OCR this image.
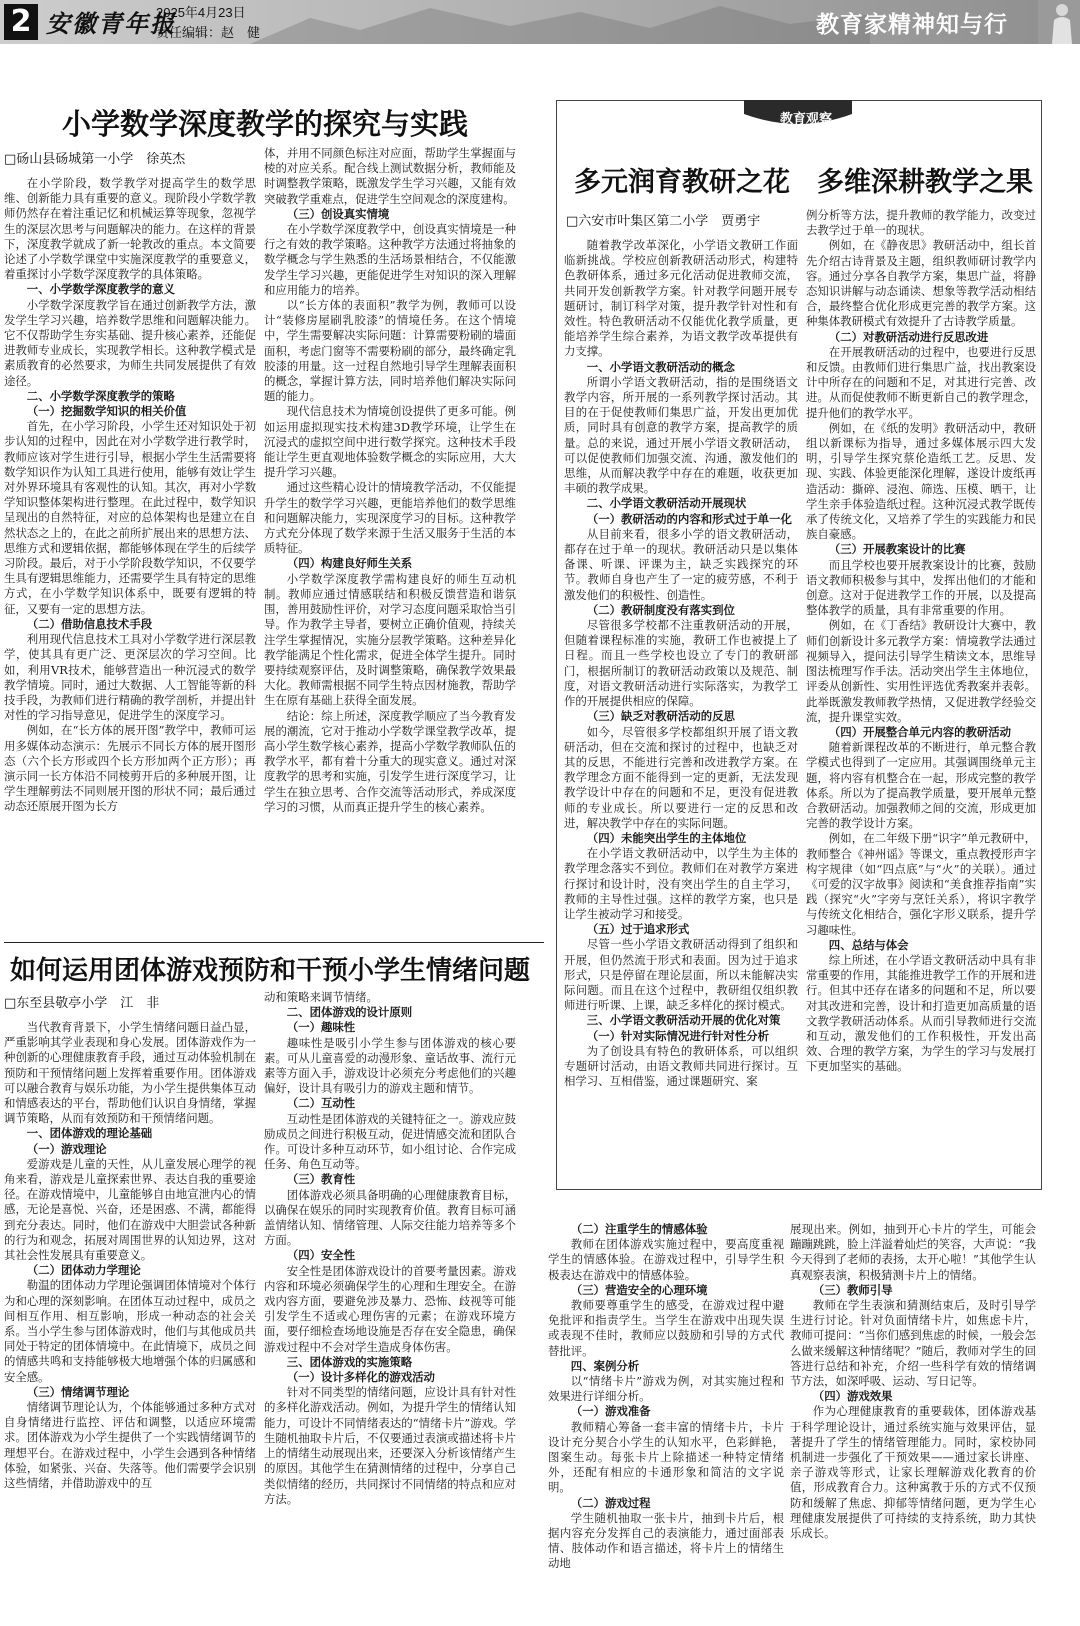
2 安徽青年报
2025年4月23日
责任编辑：赵　健	教育家精神知与行
小学数学深度教学的探究与实践
□砀山县砀城第一小学　徐英杰

在小学阶段，数学教学对提高学生的数学思维、创新能力具有重要的意义。现阶段小学数学教师仍然存在着注重记忆和机械运算等现象，忽视学生的深层次思考与问题解决的能力。在这样的背景下，深度教学就成了新一轮教改的重点。本文简要论述了小学数学课堂中实施深度教学的重要意义，着重探讨小学数学深度教学的具体策略。

一、小学数学深度教学的意义

小学数学深度教学旨在通过创新教学方法，激发学生学习兴趣，培养数学思维和问题解决能力。它不仅帮助学生夯实基础、提升核心素养，还能促进教师专业成长，实现教学相长。这种教学模式是素质教育的必然要求，为师生共同发展提供了有效途径。

二、小学数学深度教学的策略
（一）挖掘数学知识的相关价值

首先，在小学习阶段，小学生还对知识处于初步认知的过程中，因此在对小学数学进行教学时，教师应该对学生进行引导，根据小学生生活需要将数学知识作为认知工具进行使用，能够有效让学生对外界环境具有客观性的认知。其次，再对小学数学知识整体架构进行整理。在此过程中，数学知识呈现出的自然特征，对应的总体架构也是建立在自然状态之上的，在此之前所扩展出来的思想方法、思维方式和逻辑依据，都能够体现在学生的后续学习阶段。最后，对于小学阶段数学知识，不仅要学生具有逻辑思维能力，还需要学生具有特定的思维方式，在小学数学知识体系中，既要有逻辑的特征，又要有一定的思想方法。

（二）借助信息技术手段

利用现代信息技术工具对小学数学进行深层教学，使其具有更广泛、更深层次的学习空间。比如，利用VR技术，能够营造出一种沉浸式的数学教学情境。同时，通过大数据、人工智能等新的科技手段，为教师们进行精确的教学剖析，并提出针对性的学习指导意见，促进学生的深度学习。

例如，在“长方体的展开图”教学中，教师可运用多媒体动态演示：先展示不同长方体的展开图形态（六个长方形或四个长方形加两个正方形）；再演示同一长方体沿不同棱剪开后的多种展开图，让学生理解剪法不同则展开图的形状不同；最后通过动态还原展开图为长方

体，并用不同颜色标注对应面，帮助学生掌握面与棱的对应关系。配合线上测试数据分析，教师能及时调整教学策略，既激发学生学习兴趣，又能有效突破教学重难点，促进学生空间观念的深度建构。

（三）创设真实情境

在小学数学深度教学中，创设真实情境是一种行之有效的教学策略。这种教学方法通过将抽象的数学概念与学生熟悉的生活场景相结合，不仅能激发学生学习兴趣，更能促进学生对知识的深入理解和应用能力的培养。

以“长方体的表面积”教学为例，教师可以设计“装修房屋刷乳胶漆”的情境任务。在这个情境中，学生需要解决实际问题：计算需要粉刷的墙面面积，考虑门窗等不需要粉刷的部分，最终确定乳胶漆的用量。这一过程自然地引导学生理解表面积的概念，掌握计算方法，同时培养他们解决实际问题的能力。

现代信息技术为情境创设提供了更多可能。例如运用虚拟现实技术构建3D教学环境，让学生在沉浸式的虚拟空间中进行数学探究。这种技术手段能让学生更直观地体验数学概念的实际应用，大大提升学习兴趣。

通过这些精心设计的情境教学活动，不仅能提升学生的数学学习兴趣，更能培养他们的数学思维和问题解决能力，实现深度学习的目标。这种教学方式充分体现了数学来源于生活又服务于生活的本质特征。

（四）构建良好师生关系

小学数学深度教学需构建良好的师生互动机制。教师应通过情感联结和积极反馈营造和谐氛围，善用鼓励性评价，对学习态度问题采取恰当引导。作为教学主导者，要树立正确价值观，持续关注学生掌握情况，实施分层教学策略。这种差异化教学能满足个性化需求，促进全体学生提升。同时要持续观察评估，及时调整策略，确保教学效果最大化。教师需根据不同学生特点因材施教，帮助学生在原有基础上获得全面发展。

结论：综上所述，深度教学顺应了当今教育发展的潮流，它对于推动小学数学课堂教学改革，提高小学生数学核心素养，提高小学数学教师队伍的教学水平，都有着十分重大的现实意义。通过对深度教学的思考和实施，引发学生进行深度学习，让学生在独立思考、合作交流等活动形式，养成深度学习的习惯，从而真正提升学生的核心素养。

教育观察
多元润育教研之花　多维深耕教学之果
□六安市叶集区第二小学　贾勇宇

随着教学改革深化，小学语文教研工作面临新挑战。学校应创新教研活动形式，构建特色教研体系，通过多元化活动促进教师交流，共同开发创新教学方案。针对教学问题开展专题研讨，制订科学对策，提升教学针对性和有效性。特色教研活动不仅能优化教学质量，更能培养学生综合素养，为语文教学改革提供有力支撑。

一、小学语文教研活动的概念

所谓小学语文教研活动，指的是围绕语文教学内容，所开展的一系列教学探讨活动。其目的在于促使教师们集思广益，开发出更加优质，同时具有创意的教学方案，提高教学的质量。总的来说，通过开展小学语文教研活动，可以促使教师们加强交流、沟通，激发他们的思维，从而解决教学中存在的难题，收获更加丰硕的教学成果。

二、小学语文教研活动开展现状
（一）教研活动的内容和形式过于单一化

从目前来看，很多小学的语文教研活动，都存在过于单一的现状。教研活动只是以集体备课、听课、评课为主，缺乏实践探究的环节。教师自身也产生了一定的疲劳感，不利于激发他们的积极性、创造性。

（二）教研制度没有落实到位

尽管很多学校都不注重教研活动的开展，但随着课程标准的实施，教研工作也被提上了日程。而且一些学校也设立了专门的教研部门，根据所制订的教研活动政策以及规范、制度，对语文教研活动进行实际落实，为教学工作的开展提供相应的保障。

（三）缺乏对教研活动的反思

如今，尽管很多学校都组织开展了语文教研活动，但在交流和探讨的过程中，也缺乏对其的反思，不能进行完善和改进教学方案。在教学理念方面不能得到一定的更新，无法发现教学设计中存在的问题和不足，更没有促进教师的专业成长。所以要进行一定的反思和改进，解决教学中存在的实际问题。

（四）未能突出学生的主体地位

在小学语文教研活动中，以学生为主体的教学理念落实不到位。教师们在对教学方案进行探讨和设计时，没有突出学生的自主学习，教师的主导性过强。这样的教学方案，也只是让学生被动学习和接受。

（五）过于追求形式

尽管一些小学语文教研活动得到了组织和开展，但仍然流于形式和表面。因为过于追求形式，只是停留在理论层面，所以未能解决实际问题。而且在这个过程中，教研组仅组织教师进行听课、上课，缺乏多样化的探讨模式。

三、小学语文教研活动开展的优化对策
（一）针对实际情况进行针对性分析

为了创设具有特色的教研体系，可以组织专题研讨活动，由语文教师共同进行探讨。互相学习、互相借鉴，通过课题研究、案

例分析等方法，提升教师的教学能力，改变过去教学过于单一的现状。

例如，在《静夜思》教研活动中，组长首先介绍古诗背景及主题，组织教师研讨教学内容。通过分享各自教学方案，集思广益，将静态知识讲解与动态诵读、想象等教学活动相结合，最终整合优化形成更完善的教学方案。这种集体教研模式有效提升了古诗教学质量。

（二）对教研活动进行反思改进

在开展教研活动的过程中，也要进行反思和反馈。由教师们进行集思广益，找出教案设计中所存在的问题和不足，对其进行完善、改进。从而促使教师不断更新自己的教学理念，提升他们的教学水平。

例如，在《纸的发明》教研活动中，教研组以新课标为指导，通过多媒体展示四大发明，引导学生探究蔡伦造纸工艺。反思、发现、实践、体验更能深化理解，遂设计废纸再造活动：撕碎、浸泡、筛选、压模、晒干，让学生亲手体验造纸过程。这种沉浸式教学既传承了传统文化，又培养了学生的实践能力和民族自豪感。

（三）开展教案设计的比赛

而且学校也要开展教案设计的比赛，鼓励语文教师积极参与其中，发挥出他们的才能和创意。这对于促进教学工作的开展，以及提高整体教学的质量，具有非常重要的作用。

例如，在《丁香结》教研设计大赛中，教师们创新设计多元教学方案：情境教学法通过视频导入，提问法引导学生精读文本，思维导图法梳理写作手法。活动突出学生主体地位，评委从创新性、实用性评选优秀教案并表彰。此举既激发教师教学热情，又促进教学经验交流，提升课堂实效。

（四）开展整合单元内容的教研活动

随着新课程改革的不断进行，单元整合教学模式也得到了一定应用。其强调围绕单元主题，将内容有机整合在一起，形成完整的教学体系。所以为了提高教学质量，要开展单元整合教研活动。加强教师之间的交流，形成更加完善的教学设计方案。

例如，在二年级下册“识字”单元教研中，教师整合《神州谣》等课文，重点教授形声字构字规律（如“四点底”与“火”的关联）。通过《可爱的汉字故事》阅读和“美食推荐指南”实践（探究“火”字旁与烹饪关系），将识字教学与传统文化相结合，强化字形义联系，提升学习趣味性。

四、总结与体会

综上所述，在小学语文教研活动中具有非常重要的作用，其能推进教学工作的开展和进行。但其中还存在诸多的问题和不足，所以要对其改进和完善，设计和打造更加高质量的语文教学教研活动体系。从而引导教师进行交流和互动，激发他们的工作积极性，开发出高效、合理的教学方案，为学生的学习与发展打下更加坚实的基础。

如何运用团体游戏预防和干预小学生情绪问题
□东至县敬亭小学　江　非

当代教育背景下，小学生情绪问题日益凸显，严重影响其学业表现和身心发展。团体游戏作为一种创新的心理健康教育手段，通过互动体验机制在预防和干预情绪问题上发挥着重要作用。团体游戏可以融合教育与娱乐功能，为小学生提供集体互动和情感表达的平台，帮助他们认识自身情绪，掌握调节策略，从而有效预防和干预情绪问题。

一、团体游戏的理论基础
（一）游戏理论

爱游戏是儿童的天性，从儿童发展心理学的视角来看，游戏是儿童探索世界、表达自我的重要途径。在游戏情境中，儿童能够自由地宣泄内心的情感，无论是喜悦、兴奋，还是困惑、不满，都能得到充分表达。同时，他们在游戏中大胆尝试各种新的行为和观念，拓展对周围世界的认知边界，这对其社会性发展具有重要意义。

（二）团体动力学理论

勒温的团体动力学理论强调团体情境对个体行为和心理的深刻影响。在团体互动过程中，成员之间相互作用、相互影响，形成一种动态的社会关系。当小学生参与团体游戏时，他们与其他成员共同处于特定的团体情境中。在此情境下，成员之间的情感共鸣和支持能够极大地增强个体的归属感和安全感。

（三）情绪调节理论

情绪调节理论认为，个体能够通过多种方式对自身情绪进行监控、评估和调整，以适应环境需求。团体游戏为小学生提供了一个实践情绪调节的理想平台。在游戏过程中，小学生会遇到各种情绪体验，如紧张、兴奋、失落等。他们需要学会识别这些情绪，并借助游戏中的互

动和策略来调节情绪。

二、团体游戏的设计原则
（一）趣味性

趣味性是吸引小学生参与团体游戏的核心要素。可从儿童喜爱的动漫形象、童话故事、流行元素等方面入手，游戏设计必须充分考虑他们的兴趣偏好，设计具有吸引力的游戏主题和情节。

（二）互动性

互动性是团体游戏的关键特征之一。游戏应鼓励成员之间进行积极互动，促进情感交流和团队合作。可设计多种互动环节，如小组讨论、合作完成任务、角色互动等。

（三）教育性

团体游戏必须具备明确的心理健康教育目标，以确保在娱乐的同时实现教育价值。教育目标可涵盖情绪认知、情绪管理、人际交往能力培养等多个方面。

（四）安全性

安全性是团体游戏设计的首要考量因素。游戏内容和环境必须确保学生的心理和生理安全。在游戏内容方面，要避免涉及暴力、恐怖、歧视等可能引发学生不适或心理伤害的元素；在游戏环境方面，要仔细检查场地设施是否存在安全隐患，确保游戏过程中不会对学生造成身体伤害。

三、团体游戏的实施策略
（一）设计多样化的游戏活动

针对不同类型的情绪问题，应设计具有针对性的多样化游戏活动。例如，为提升学生的情绪认知能力，可设计不同情绪表达的“情绪卡片”游戏。学生随机抽取卡片后，不仅要通过表演或描述将卡片上的情绪生动展现出来，还要深入分析该情绪产生的原因。其他学生在猜测情绪的过程中，分享自己类似情绪的经历，共同探讨不同情绪的特点和应对方法。

（二）注重学生的情感体验

教师在团体游戏实施过程中，要高度重视学生的情感体验。在游戏过程中，引导学生积极表达在游戏中的情感体验。

（三）营造安全的心理环境

教师要尊重学生的感受，在游戏过程中避免批评和指责学生。当学生在游戏中出现失误或表现不佳时，教师应以鼓励和引导的方式代替批评。

四、案例分析

以“情绪卡片”游戏为例，对其实施过程和效果进行详细分析。

（一）游戏准备

教师精心筹备一套丰富的情绪卡片，卡片设计充分契合小学生的认知水平，色彩鲜艳，图案生动。每张卡片上除描述一种特定情绪外，还配有相应的卡通形象和简洁的文字说明。

（二）游戏过程

学生随机抽取一张卡片，抽到卡片后，根据内容充分发挥自己的表演能力，通过面部表情、肢体动作和语言描述，将卡片上的情绪生动地

展现出来。例如，抽到开心卡片的学生，可能会蹦蹦跳跳，脸上洋溢着灿烂的笑容，大声说：“我今天得到了老师的表扬，太开心啦！”其他学生认真观察表演，积极猜测卡片上的情绪。

（三）教师引导

教师在学生表演和猜测结束后，及时引导学生进行讨论。针对负面情绪卡片，如焦虑卡片，教师可提问：“当你们感到焦虑的时候，一般会怎么做来缓解这种情绪呢？”随后，教师对学生的回答进行总结和补充，介绍一些科学有效的情绪调节方法，如深呼吸、运动、写日记等。

（四）游戏效果

作为心理健康教育的重要载体，团体游戏基于科学理论设计，通过系统实施与效果评估，显著提升了学生的情绪管理能力。同时，家校协同机制进一步强化了干预效果——通过家长讲座、亲子游戏等形式，让家长理解游戏化教育的价值，形成教育合力。这种寓教于乐的方式不仅预防和缓解了焦虑、抑郁等情绪问题，更为学生心理健康发展提供了可持续的支持系统，助力其快乐成长。
